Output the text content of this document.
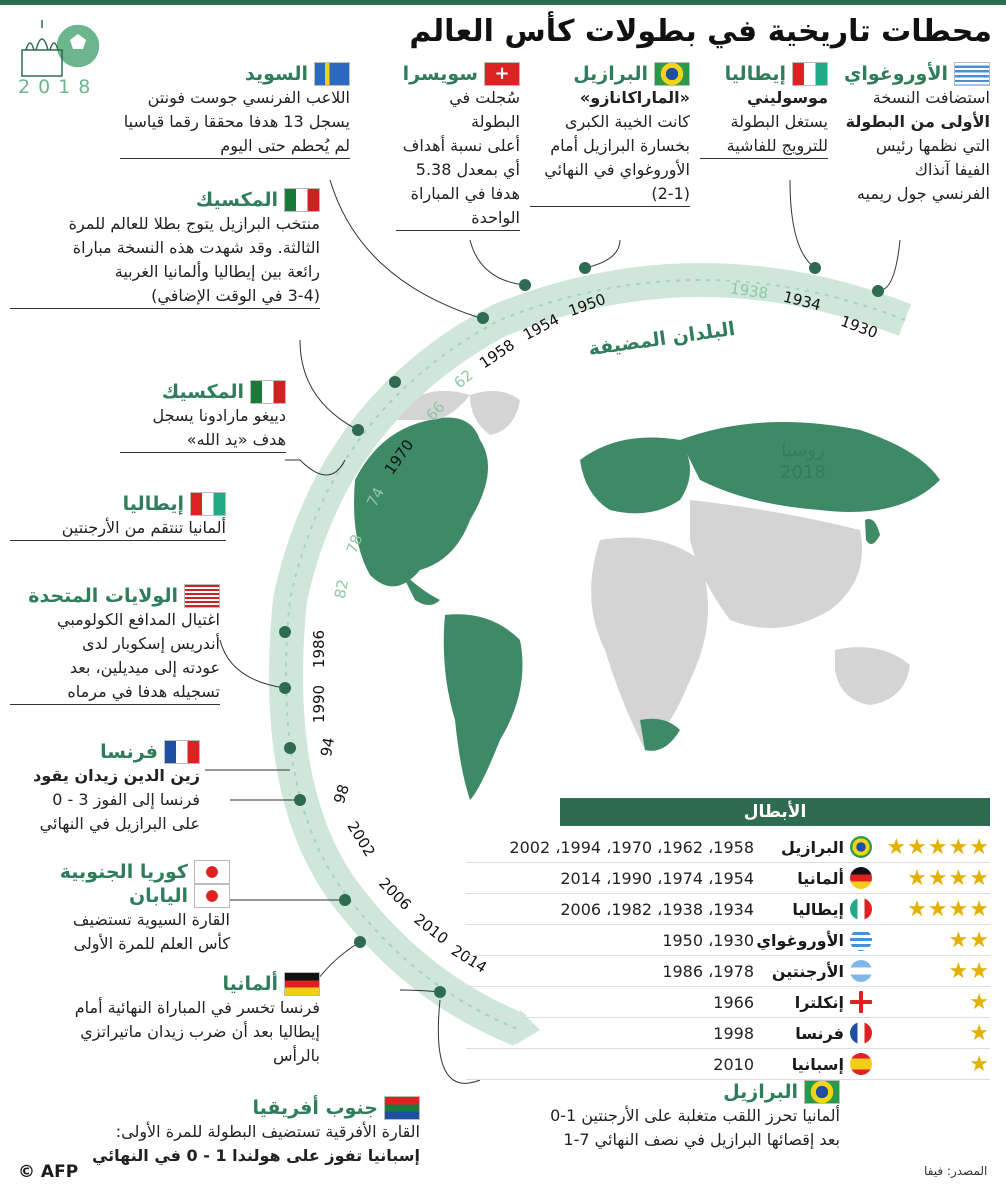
محطات تاريخية في بطولات كأس العالم
2018
1930
1934
1938
1950
1954
1958
62
66
1970
74
78
82
1986
1990
94
98
2002
2006
2010
2014
البلدان المضيفة
روسيا
2018
الأوروغواي
استضافت النسخة
الأولى من البطولة
التي نظمها رئيس
الفيفا آنذاك
الفرنسي جول ريميه
إيطاليا
موسوليني
يستغل البطولة
للترويج للفاشية
البرازيل
«الماراكانازو»
كانت الخيبة الكبرى
بخسارة البرازيل أمام
الأوروغواي في النهائي
(2-1)
+
سويسرا
سُجلت في البطولة
أعلى نسبة أهداف
أي بمعدل 5.38
هدفا في المباراة
الواحدة
السويد
اللاعب الفرنسي جوست فونتن
يسجل 13 هدفا محققا رقما قياسيا
لم يُحطم حتى اليوم
المكسيك
منتخب البرازيل يتوج بطلا للعالم للمرة
الثالثة. وقد شهدت هذه النسخة مباراة
رائعة بين إيطاليا وألمانيا الغربية
(3-4 في الوقت الإضافي)
المكسيك
دييغو مارادونا يسجل
هدف «يد الله»
إيطاليا
ألمانيا تنتقم من الأرجنتين
الولايات المتحدة
اغتيال المدافع الكولومبي
أندريس إسكوبار لدى
عودته إلى ميديلين، بعد
تسجيله هدفا في مرماه
فرنسا
زين الدين زيدان يقود
فرنسا إلى الفوز 3 - 0
على البرازيل في النهائي
كوريا الجنوبية
اليابان
القارة السيوية تستضيف
كأس العلم للمرة الأولى
ألمانيا
فرنسا تخسر في المباراة النهائية أمام
إيطاليا بعد أن ضرب زيدان ماتيراتزي
بالرأس
جنوب أفريقيا
القارة الأفرقية تستضيف البطولة للمرة الأولى:
إسبانيا تفوز على هولندا 1 - 0 في النهائي
البرازيل
ألمانيا تحرز اللقب متغلبة على الأرجنتين 1-0
بعد إقصائها البرازيل في نصف النهائي 7-1
الأبطال
★★★★★
البرازيل
1958، 1962، 1970، 1994، 2002
★★★★
ألمانيا
1954، 1974، 1990، 2014
★★★★
إيطاليا
1934، 1938، 1982، 2006
★★
الأوروغواي
1930، 1950
★★
الأرجنتين
1978، 1986
★
إنكلترا
1966
★
فرنسا
1998
★
إسبانيا
2010
المصدر: فيفا
© AFP
